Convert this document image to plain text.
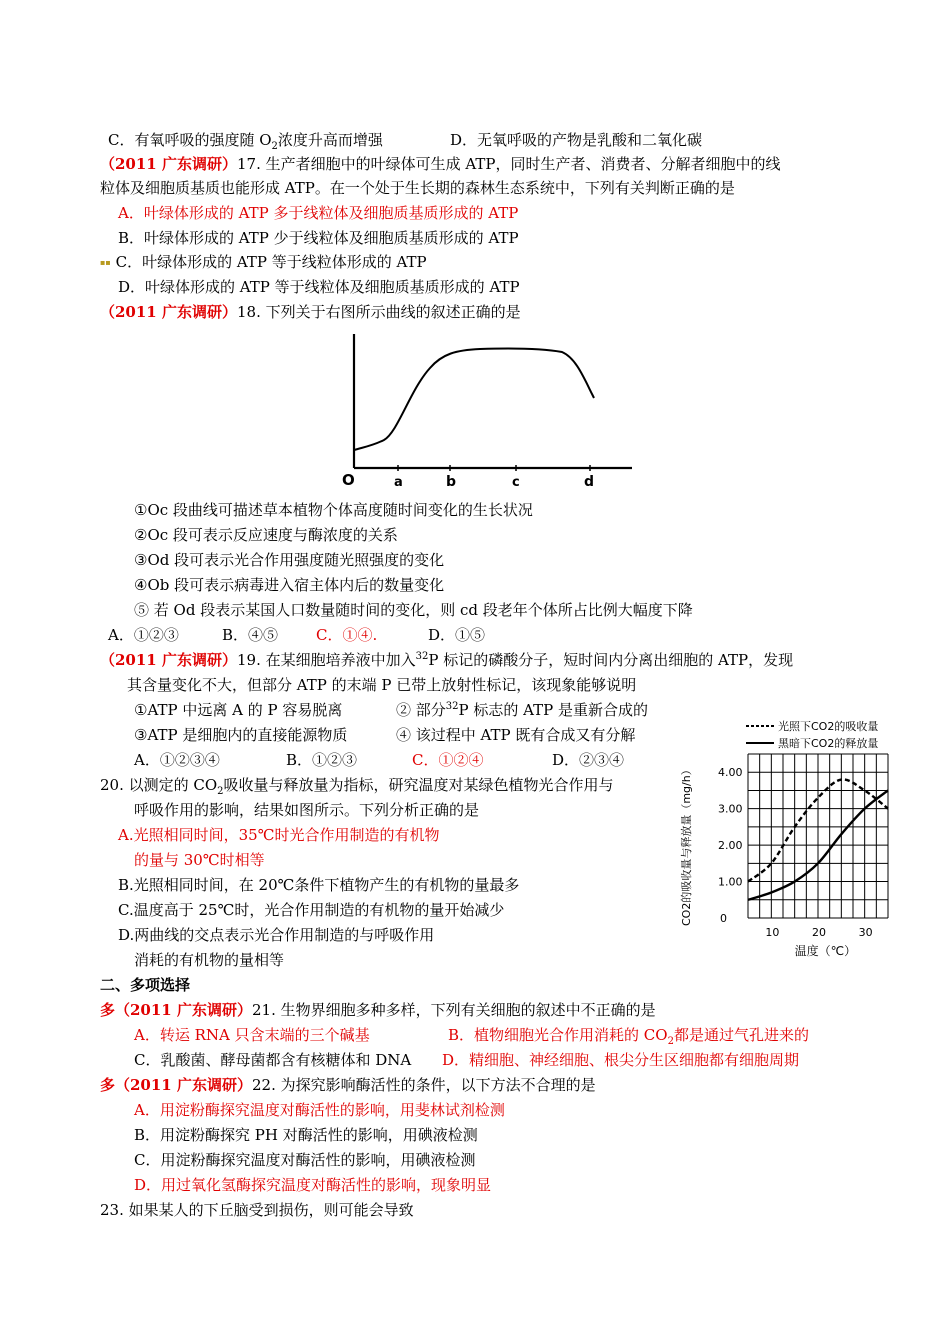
C．有氧呼吸的强度随 $O_2$浓度升高而增强	D．无氧呼吸的产物是乳酸和二氧化碳
（2011 广东调研）17. 生产者细胞中的叶绿体可生成 ATP，同时生产者、消费者、分解者细胞中的线
粒体及细胞质基质也能形成 ATP。在一个处于生长期的森林生态系统中，下列有关判断正确的是
A．叶绿体形成的 ATP 多于线粒体及细胞质基质形成的 ATP
B．叶绿体形成的 ATP 少于线粒体及细胞质基质形成的 ATP
▪▪ C．叶绿体形成的 ATP 等于线粒体形成的 ATP
D．叶绿体形成的 ATP 等于线粒体及细胞质基质形成的 ATP
（2011 广东调研）18. 下列关于右图所示曲线的叙述正确的是
O	a	b	c	d
①Oc 段曲线可描述草本植物个体高度随时间变化的生长状况
②Oc 段可表示反应速度与酶浓度的关系
③Od 段可表示光合作用强度随光照强度的变化
④Ob 段可表示病毒进入宿主体内后的数量变化
⑤ 若 Od 段表示某国人口数量随时间的变化，则 cd 段老年个体所占比例大幅度下降
A．①②③	B．④⑤	C．①④.	D．①⑤
（2011 广东调研）19. 在某细胞培养液中加入$^{32}$P 标记的磷酸分子，短时间内分离出细胞的 ATP，发现
其含量变化不大，但部分 ATP 的末端 P 已带上放射性标记，该现象能够说明
①ATP 中远离 A 的 P 容易脱离	② 部分$^{32}$P 标志的 ATP 是重新合成的
③ATP 是细胞内的直接能源物质	④ 该过程中 ATP 既有合成又有分解
A．①②③④	B．①②③	C．①②④	D．②③④
20. 以测定的 $CO_2$吸收量与释放量为指标，研究温度对某绿色植物光合作用与
呼吸作用的影响，结果如图所示。下列分析正确的是
A.光照相同时间，35℃时光合作用制造的有机物
的量与 30℃时相等
B.光照相同时间，在 20℃条件下植物产生的有机物的量最多
C.温度高于 25℃时，光合作用制造的有机物的量开始减少
D.两曲线的交点表示光合作用制造的与呼吸作用
消耗的有机物的量相等
光照下CO2的吸收量
黑暗下CO2的释放量
CO2的吸收量与释放量（mg/h） 1.00
2.00
3.00
4.00
10	20	30
0
温度（℃）
二、多项选择
多（2011 广东调研）21. 生物界细胞多种多样，下列有关细胞的叙述中不正确的是
A．转运 RNA 只含末端的三个碱基	B．植物细胞光合作用消耗的 $CO_2$都是通过气孔进来的
C．乳酸菌、酵母菌都含有核糖体和 DNA D．精细胞、神经细胞、根尖分生区细胞都有细胞周期
多（2011 广东调研）22. 为探究影响酶活性的条件，以下方法不合理的是
A．用淀粉酶探究温度对酶活性的影响，用斐林试剂检测
B．用淀粉酶探究 PH 对酶活性的影响，用碘液检测
C．用淀粉酶探究温度对酶活性的影响，用碘液检测
D．用过氧化氢酶探究温度对酶活性的影响，现象明显
23. 如果某人的下丘脑受到损伤，则可能会导致
